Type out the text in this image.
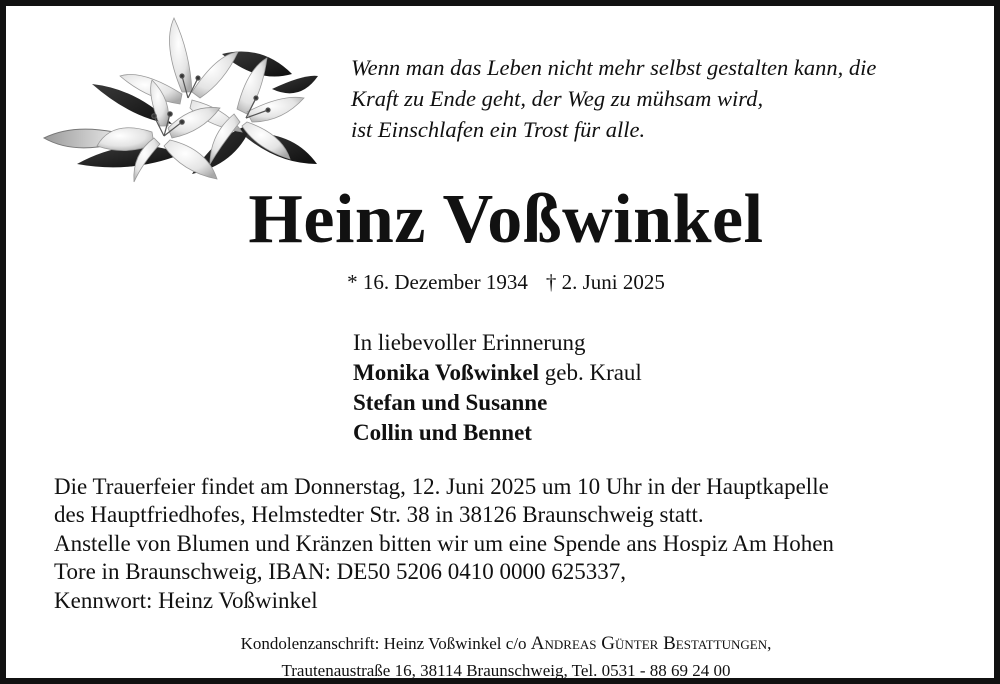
Wenn man das Leben nicht mehr selbst gestalten kann, die
Kraft zu Ende geht, der Weg zu mühsam wird,
ist Einschlafen ein Trost für alle.
Heinz Voßwinkel
* 16. Dezember 1934 † 2. Juni 2025
In liebevoller Erinnerung
Monika Voßwinkel geb. Kraul
Stefan und Susanne
Collin und Bennet
Die Trauerfeier findet am Donnerstag, 12. Juni 2025 um 10 Uhr in der Hauptkapelle
des Hauptfriedhofes, Helmstedter Str. 38 in 38126 Braunschweig statt.
Anstelle von Blumen und Kränzen bitten wir um eine Spende ans Hospiz Am Hohen
Tore in Braunschweig, IBAN: DE50 5206 0410 0000 625337,
Kennwort: Heinz Voßwinkel
Kondolenzanschrift: Heinz Voßwinkel c/o Andreas Günter Bestattungen,
Trautenaustraße 16, 38114 Braunschweig, Tel. 0531 - 88 69 24 00
